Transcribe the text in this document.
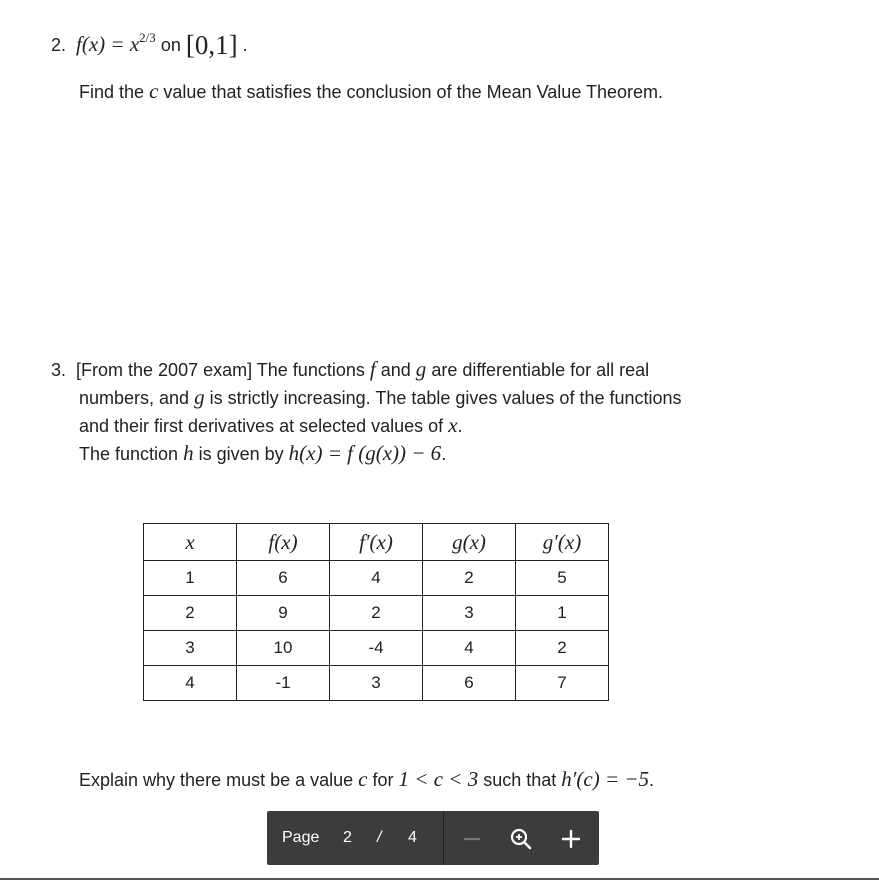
2. $f(x) = x^{2/3}$ on [0,1] .
Find the c value that satisfies the conclusion of the Mean Value Theorem.
3. [From the 2007 exam] The functions f and g are differentiable for all real
numbers, and g is strictly increasing. The table gives values of the functions
and their first derivatives at selected values of x.
The function h is given by h(x) = f (g(x)) − 6.
x	f(x)	f′(x)	g(x)	g′(x)
1	6	4	2	5
2	9	2	3	1
3	10	-4	4	2
4	-1	3	6	7
Explain why there must be a value c for 1 < c < 3 such that h′(c) = −5.
Page 2 / 4
